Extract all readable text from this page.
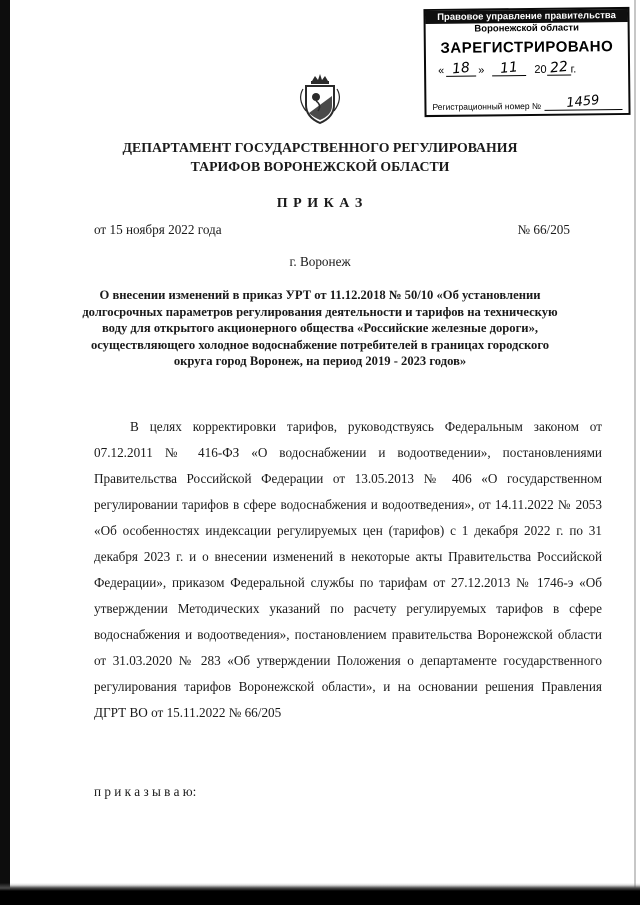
Правовое управление правительства
Воронежской области
ЗАРЕГИСТРИРОВАНО
« 18 »	11	20 22 г.
Регистрационный номер №	1459
ДЕПАРТАМЕНТ ГОСУДАРСТВЕННОГО РЕГУЛИРОВАНИЯ
ТАРИФОВ ВОРОНЕЖСКОЙ ОБЛАСТИ
П Р И К А З
от 15 ноября 2022 года	№ 66/205
г. Воронеж
О внесении изменений в приказ УРТ от 11.12.2018 № 50/10 «Об установлении долгосрочных параметров регулирования деятельности и тарифов на техническую воду для открытого акционерного общества «Российские железные дороги», осуществляющего холодное водоснабжение потребителей в границах городского округа город Воронеж, на период 2019 - 2023 годов»
В целях корректировки тарифов, руководствуясь Федеральным законом от 07.12.2011 № 416-ФЗ «О водоснабжении и водоотведении», постановлениями Правительства Российской Федерации от 13.05.2013 № 406 «О государственном регулировании тарифов в сфере водоснабжения и водоотведения», от 14.11.2022 № 2053 «Об особенностях индексации регулируемых цен (тарифов) с 1 декабря 2022 г. по 31 декабря 2023 г. и о внесении изменений в некоторые акты Правительства Российской Федерации», приказом Федеральной службы по тарифам от 27.12.2013 № 1746-э «Об утверждении Методических указаний по расчету регулируемых тарифов в сфере водоснабжения и водоотведения», постановлением правительства Воронежской области от 31.03.2020 № 283 «Об утверждении Положения о департаменте государственного регулирования тарифов Воронежской области», и на основании решения Правления ДГРТ ВО от 15.11.2022 № 66/205
п р и к а з ы в а ю:
